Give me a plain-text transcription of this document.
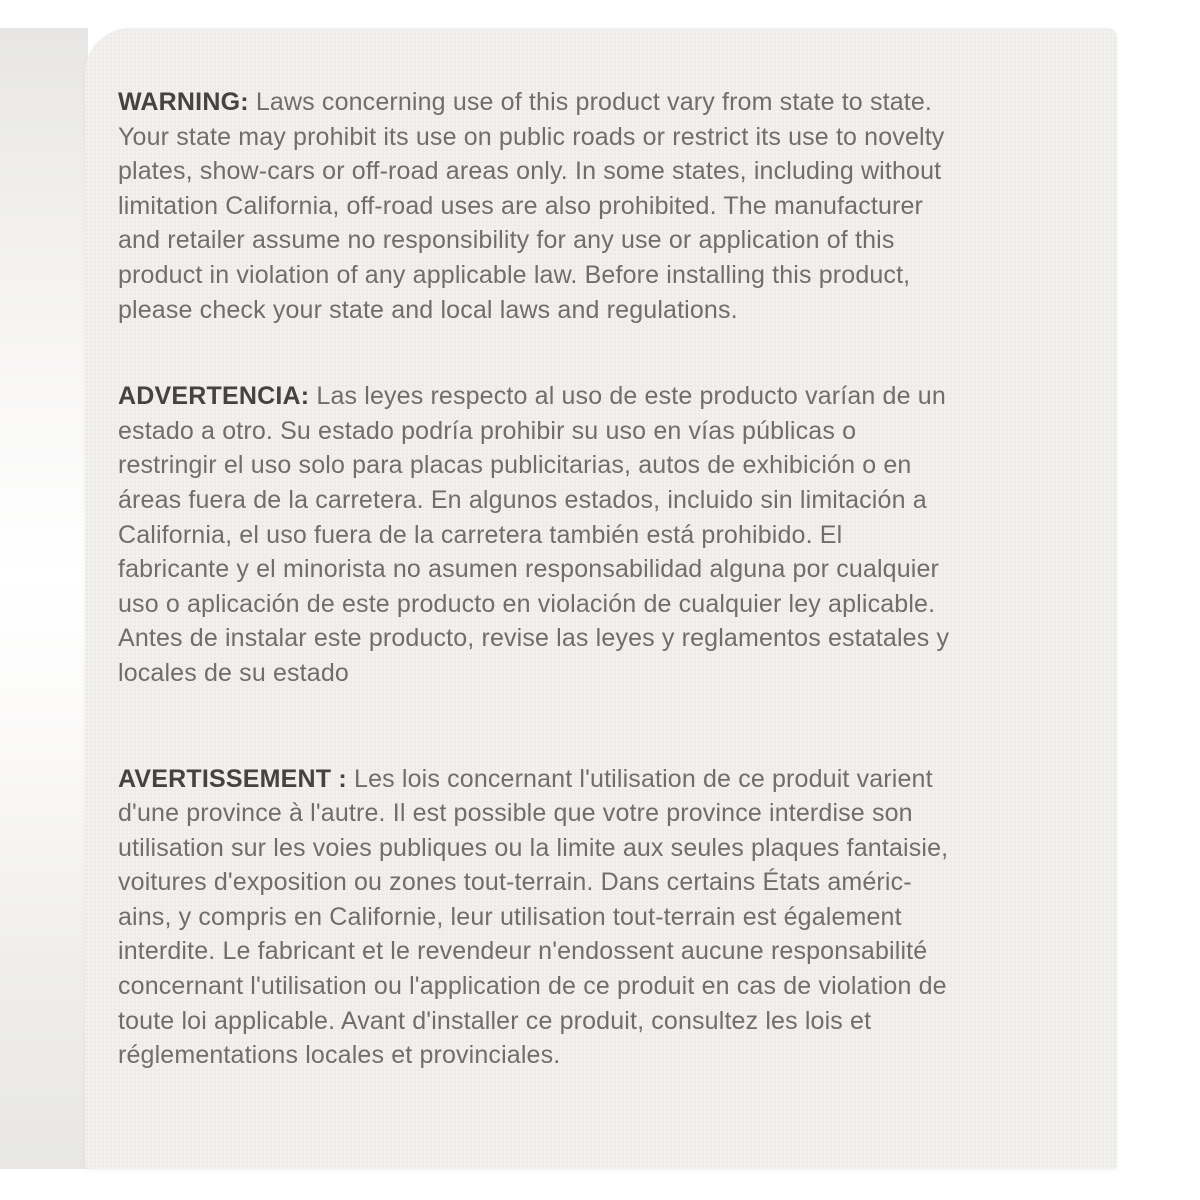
WARNING: Laws concerning use of this product vary from state to state.
Your state may prohibit its use on public roads or restrict its use to novelty
plates, show-cars or off-road areas only. In some states, including without
limitation California, off-road uses are also prohibited. The manufacturer
and retailer assume no responsibility for any use or application of this
product in violation of any applicable law. Before installing this product,
please check your state and local laws and regulations.
ADVERTENCIA: Las leyes respecto al uso de este producto varían de un
estado a otro. Su estado podría prohibir su uso en vías públicas o
restringir el uso solo para placas publicitarias, autos de exhibición o en
áreas fuera de la carretera. En algunos estados, incluido sin limitación a
California, el uso fuera de la carretera también está prohibido. El
fabricante y el minorista no asumen responsabilidad alguna por cualquier
uso o aplicación de este producto en violación de cualquier ley aplicable.
Antes de instalar este producto, revise las leyes y reglamentos estatales y
locales de su estado
AVERTISSEMENT : Les lois concernant l'utilisation de ce produit varient
d'une province à l'autre. Il est possible que votre province interdise son
utilisation sur les voies publiques ou la limite aux seules plaques fantaisie,
voitures d'exposition ou zones tout-terrain. Dans certains États améric-
ains, y compris en Californie, leur utilisation tout-terrain est également
interdite. Le fabricant et le revendeur n'endossent aucune responsabilité
concernant l'utilisation ou l'application de ce produit en cas de violation de
toute loi applicable. Avant d'installer ce produit, consultez les lois et
réglementations locales et provinciales.
